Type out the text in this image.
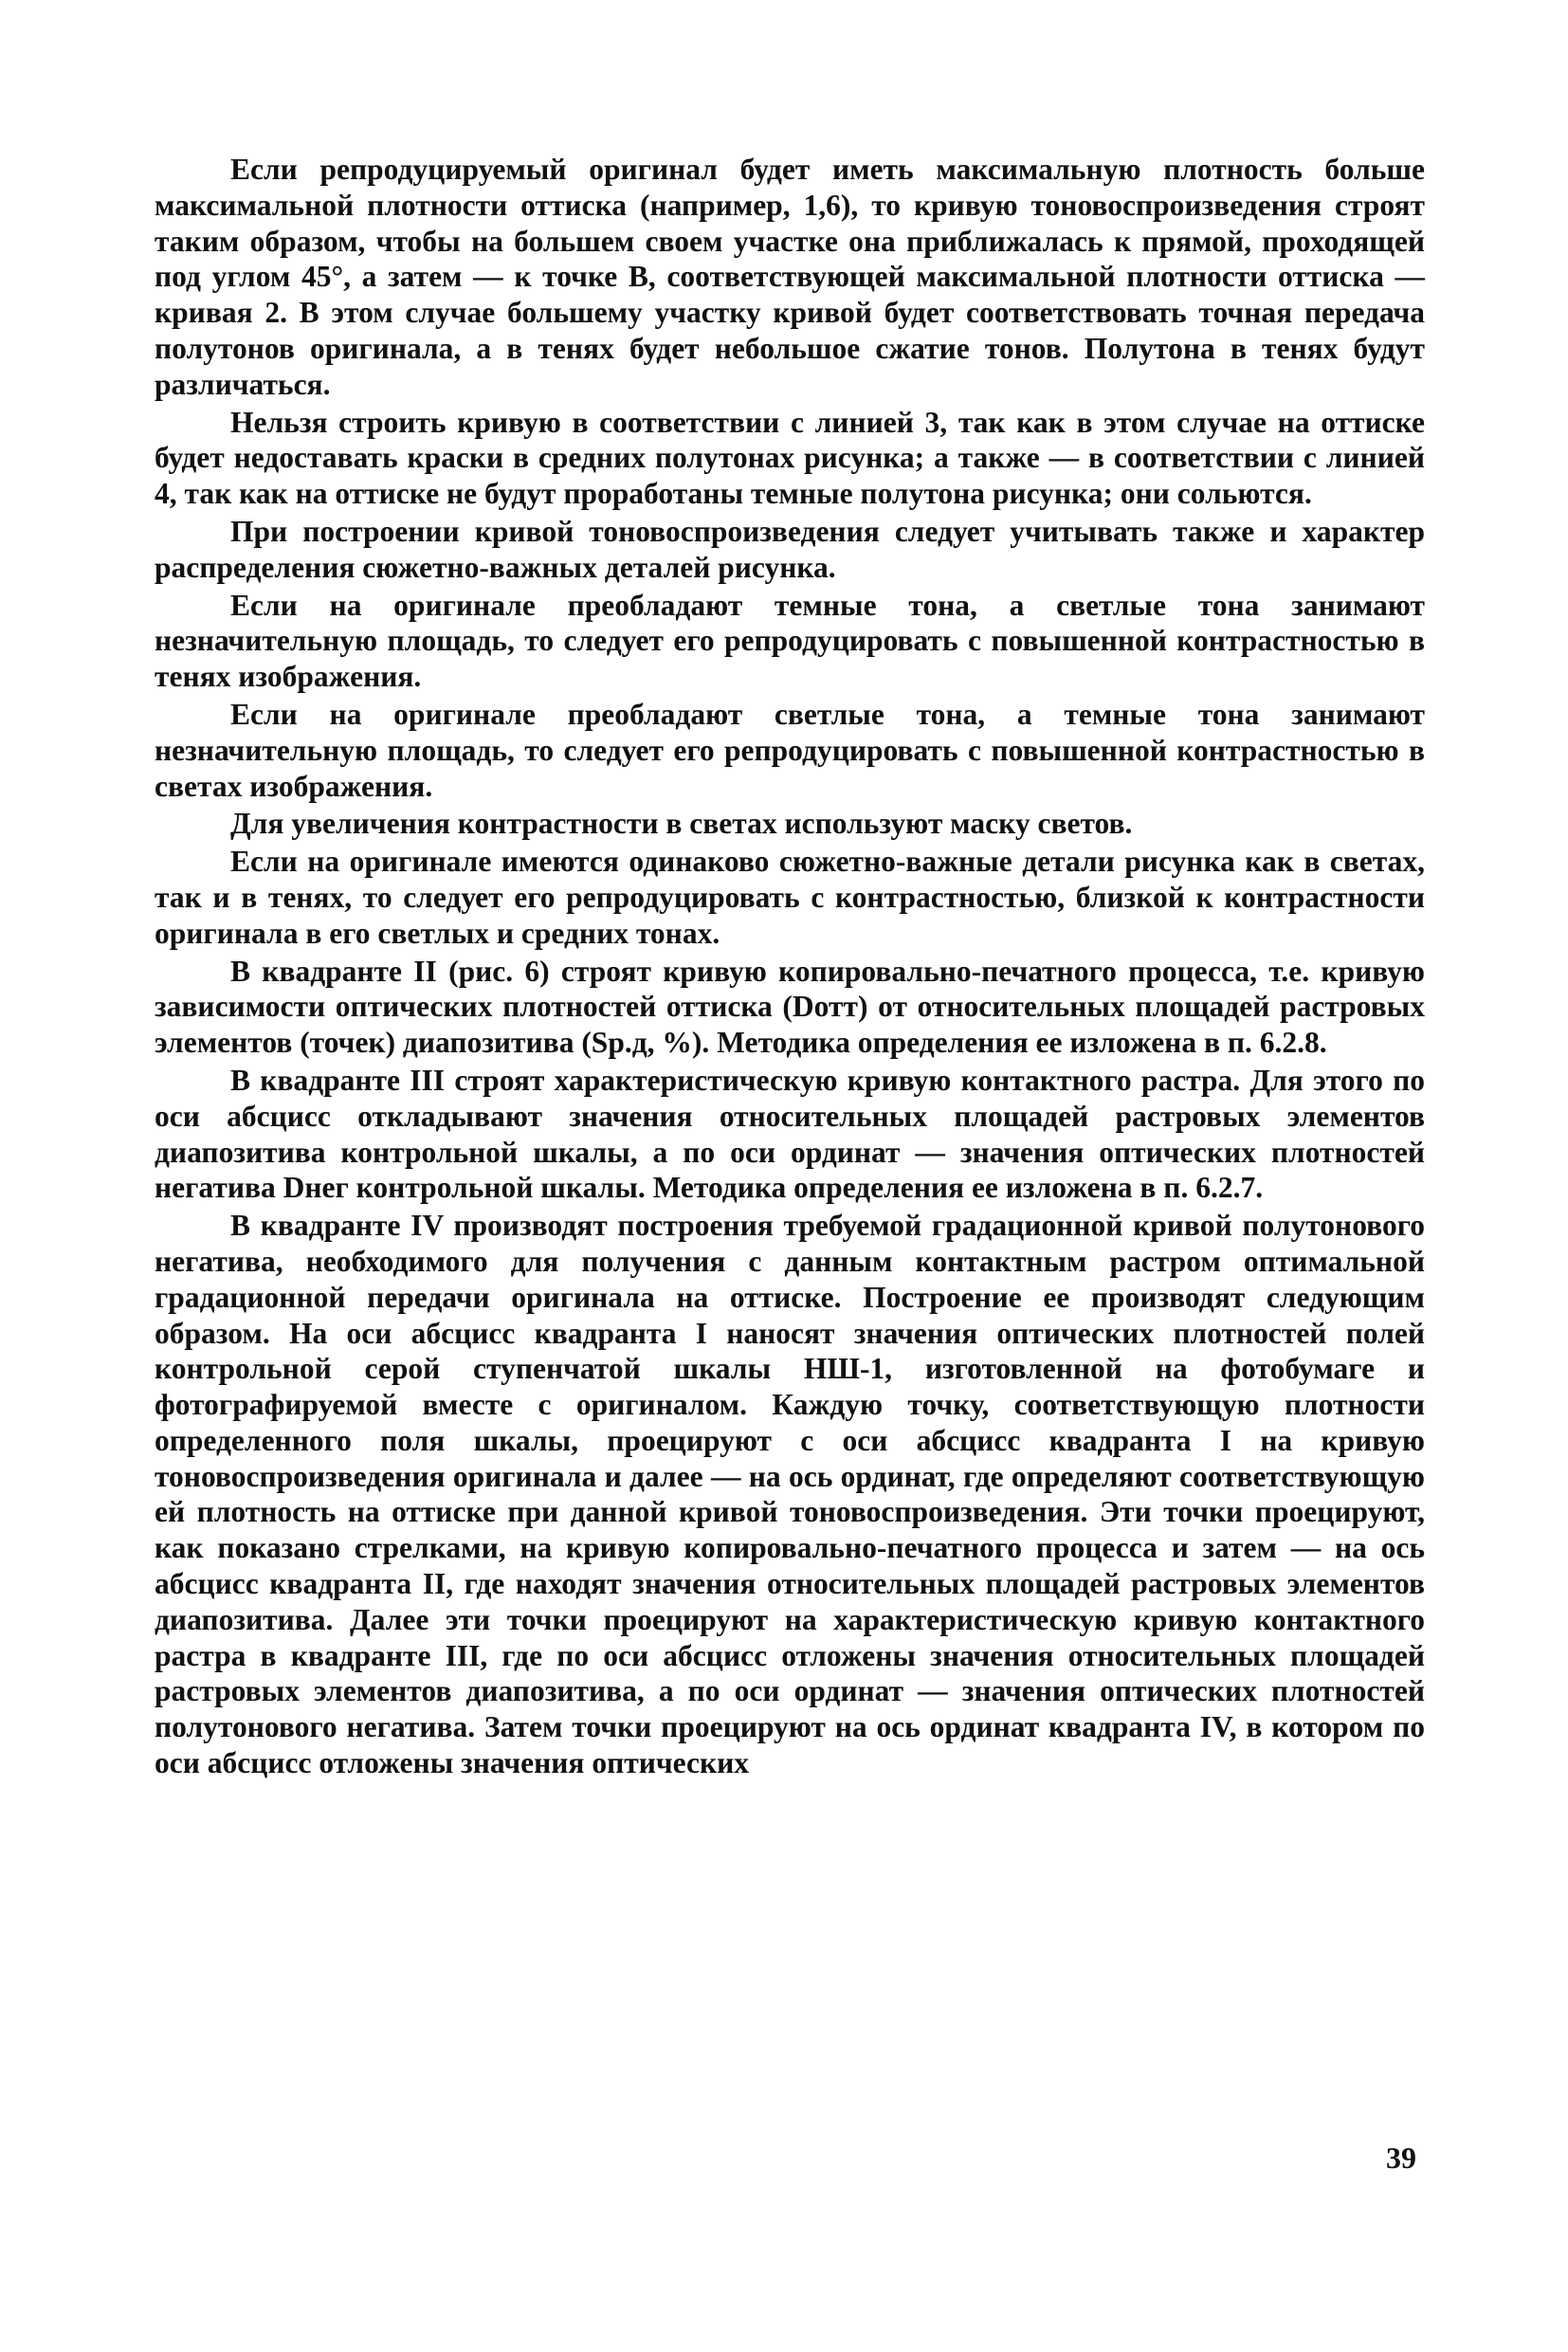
Если репродуцируемый оригинал будет иметь максимальную плотность больше максимальной плотности оттиска (например, 1,6), то кривую тоновоспроизведения строят таким образом, чтобы на большем своем участке она приближалась к прямой, проходящей под углом 45°, а затем — к точке В, соответствующей максимальной плотности оттиска — кривая 2. В этом случае большему участку кривой будет соответствовать точная передача полутонов оригинала, а в тенях будет небольшое сжатие тонов. Полутона в тенях будут различаться.

Нельзя строить кривую в соответствии с линией 3, так как в этом случае на оттиске будет недоставать краски в средних полутонах рисунка; а также — в соответствии с линией 4, так как на оттиске не будут проработаны темные полутона рисунка; они сольются.

При построении кривой тоновоспроизведения следует учитывать также и характер распределения сюжетно-важных деталей рисунка.

Если на оригинале преобладают темные тона, а светлые тона занимают незначительную площадь, то следует его репродуцировать с повышенной контрастностью в тенях изображения.

Если на оригинале преобладают светлые тона, а темные тона занимают незначительную площадь, то следует его репродуцировать с повышенной контрастностью в светах изображения.

Для увеличения контрастности в светах используют маску светов.

Если на оригинале имеются одинаково сюжетно-важные детали рисунка как в светах, так и в тенях, то следует его репродуцировать с контрастностью, близкой к контрастности оригинала в его светлых и средних тонах.

В квадранте II (рис. 6) строят кривую копировально-печатного процесса, т.е. кривую зависимости оптических плотностей оттиска (Dотт) от относительных площадей растровых элементов (точек) диапозитива (Sр.д, %). Методика определения ее изложена в п. 6.2.8.

В квадранте III строят характеристическую кривую контактного растра. Для этого по оси абсцисс откладывают значения относительных площадей растровых элементов диапозитива контрольной шкалы, а по оси ординат — значения оптических плотностей негатива Dнег контрольной шкалы. Методика определения ее изложена в п. 6.2.7.

В квадранте IV производят построения требуемой градационной кривой полутонового негатива, необходимого для получения с данным контактным растром оптимальной градационной передачи оригинала на оттиске. Построение ее производят следующим образом. На оси абсцисс квадранта I наносят значения оптических плотностей полей контрольной серой ступенчатой шкалы НШ-1, изготовленной на фотобумаге и фотографируемой вместе с оригиналом. Каждую точку, соответствующую плотности определенного поля шкалы, проецируют с оси абсцисс квадранта I на кривую тоновоспроизведения оригинала и далее — на ось ординат, где определяют соответствующую ей плотность на оттиске при данной кривой тоновоспроизведения. Эти точки проецируют, как показано стрелками, на кривую копировально-печатного процесса и затем — на ось абсцисс квадранта II, где находят значения относительных площадей растровых элементов диапозитива. Далее эти точки проецируют на характеристическую кривую контактного растра в квадранте III, где по оси абсцисс отложены значения относительных площадей растровых элементов диапозитива, а по оси ординат — значения оптических плотностей полутонового негатива. Затем точки проецируют на ось ординат квадранта IV, в котором по оси абсцисс отложены значения оптических

39
